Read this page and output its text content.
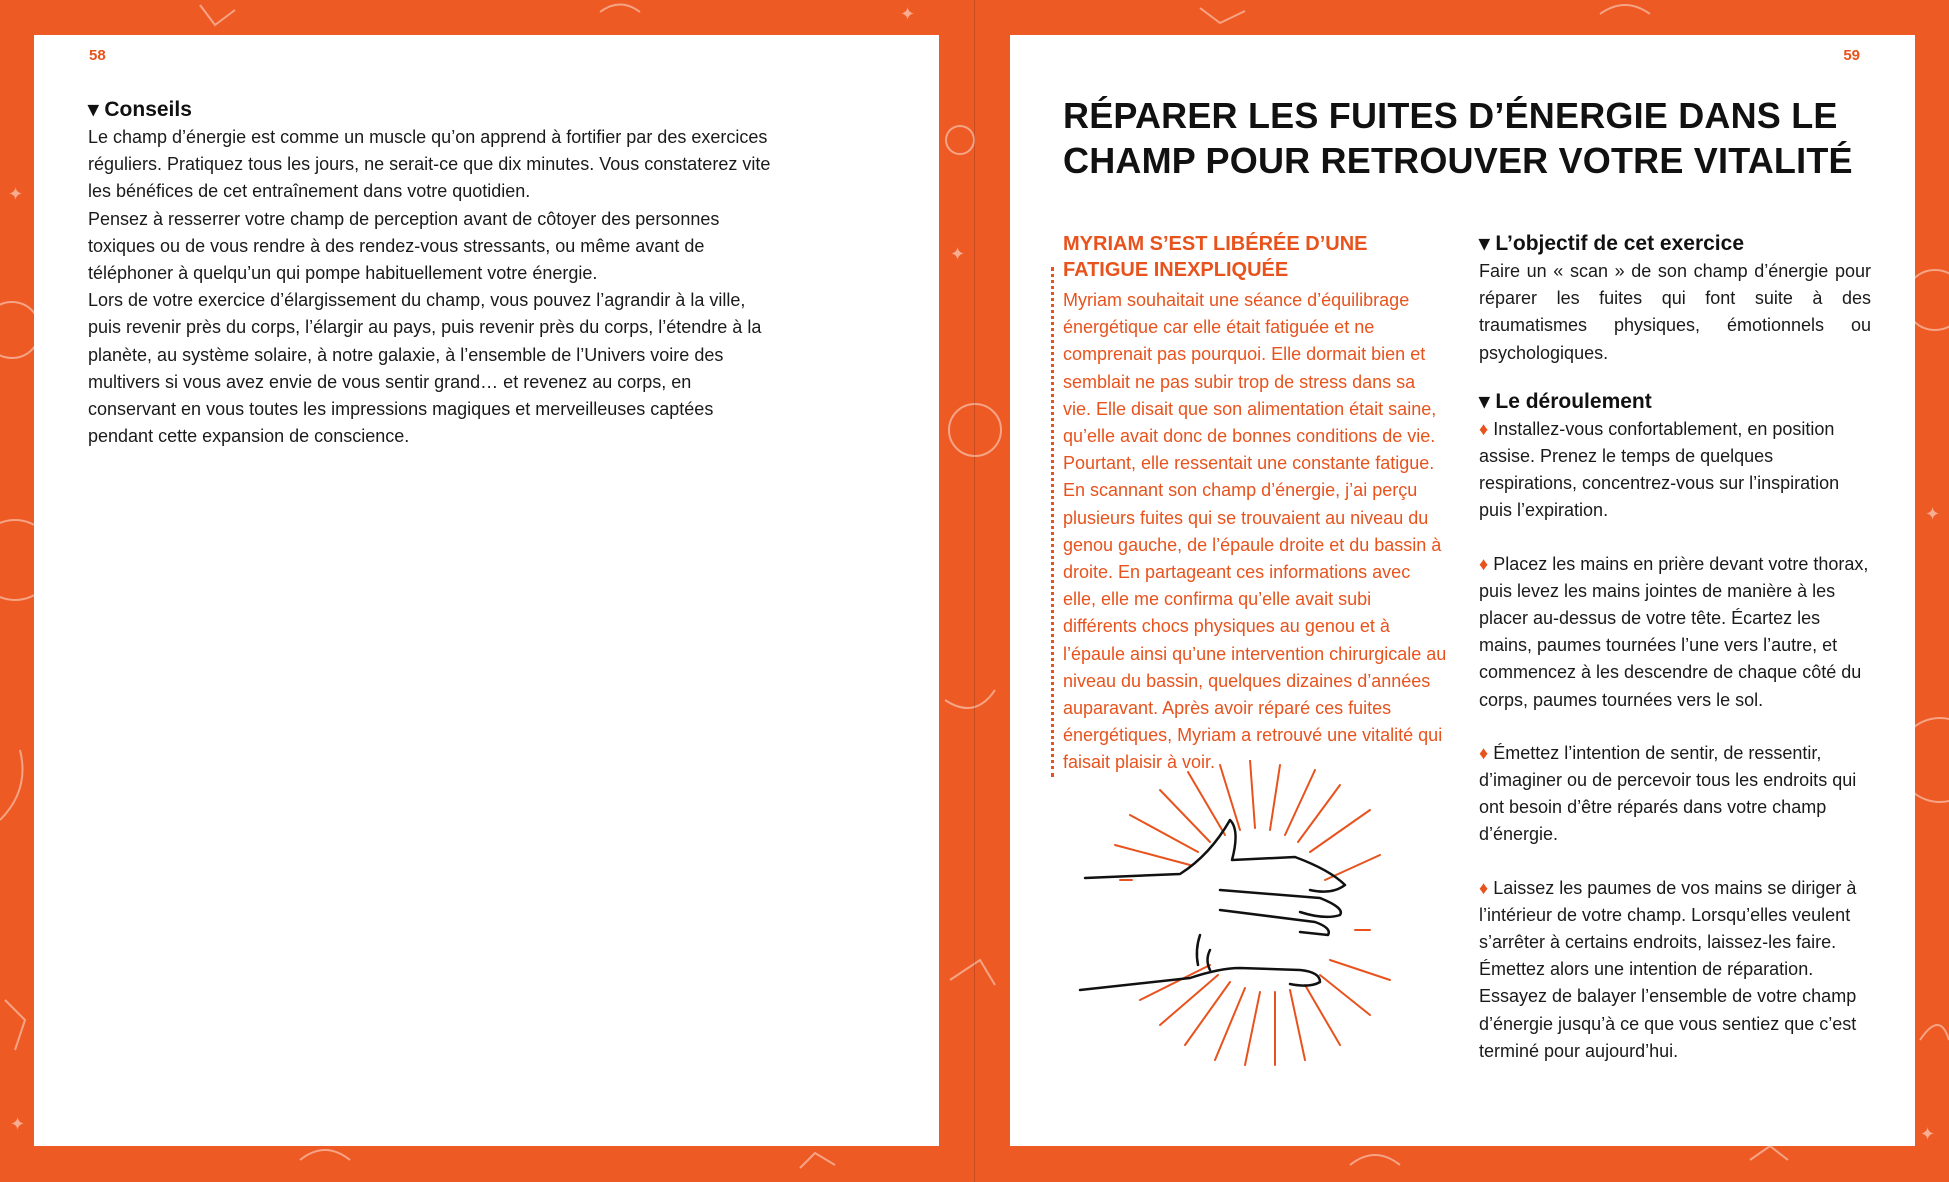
✦
✦
✦
✦
✦	✦
58

▾ Conseils

Le champ d’énergie est comme un muscle qu’on apprend à fortifier par des exercices réguliers. Pratiquez tous les jours, ne serait-ce que dix minutes. Vous constaterez vite les bénéfices de cet entraînement dans votre quotidien.

Pensez à resserrer votre champ de perception avant de côtoyer des personnes toxiques ou de vous rendre à des rendez-vous stressants, ou même avant de téléphoner à quelqu’un qui pompe habituellement votre énergie.

Lors de votre exercice d’élargissement du champ, vous pouvez l’agrandir à la ville, puis revenir près du corps, l’élargir au pays, puis revenir près du corps, l’étendre à la planète, au système solaire, à notre galaxie, à l’ensemble de l’Univers voire des multivers si vous avez envie de vous sentir grand… et revenez au corps, en conservant en vous toutes les impressions magiques et merveilleuses captées pendant cette expansion de conscience.

59
RÉPARER LES FUITES D’ÉNERGIE DANS LE CHAMP POUR RETROUVER VOTRE VITALITÉ

MYRIAM S’EST LIBÉRÉE D’UNE FATIGUE INEXPLIQUÉE

Myriam souhaitait une séance d’équilibrage énergétique car elle était fatiguée et ne comprenait pas pourquoi. Elle dormait bien et semblait ne pas subir trop de stress dans sa vie. Elle disait que son alimentation était saine, qu’elle avait donc de bonnes conditions de vie. Pourtant, elle ressentait une constante fatigue.

En scannant son champ d’énergie, j’ai perçu plusieurs fuites qui se trouvaient au niveau du genou gauche, de l’épaule droite et du bassin à droite. En partageant ces informations avec elle, elle me confirma qu’elle avait subi différents chocs physiques au genou et à l’épaule ainsi qu’une intervention chirurgicale au niveau du bassin, quelques dizaines d’années auparavant. Après avoir réparé ces fuites énergétiques, Myriam a retrouvé une vitalité qui faisait plaisir à voir.

▾ L’objectif de cet exercice

Faire un « scan » de son champ d’énergie pour réparer les fuites qui font suite à des traumatismes physiques, émotionnels ou psychologiques.

▾ Le déroulement

♦ Installez-vous confortablement, en position assise. Prenez le temps de quelques respirations, concentrez-vous sur l’inspiration puis l’expiration.

♦ Placez les mains en prière devant votre thorax, puis levez les mains jointes de manière à les placer au-dessus de votre tête. Écartez les mains, paumes tournées l’une vers l’autre, et commencez à les descendre de chaque côté du corps, paumes tournées vers le sol.

♦ Émettez l’intention de sentir, de ressentir, d’imaginer ou de percevoir tous les endroits qui ont besoin d’être réparés dans votre champ d’énergie.

♦ Laissez les paumes de vos mains se diriger à l’intérieur de votre champ. Lorsqu’elles veulent s’arrêter à certains endroits, laissez-les faire. Émettez alors une intention de réparation. Essayez de balayer l’ensemble de votre champ d’énergie jusqu’à ce que vous sentiez que c’est terminé pour aujourd’hui.
